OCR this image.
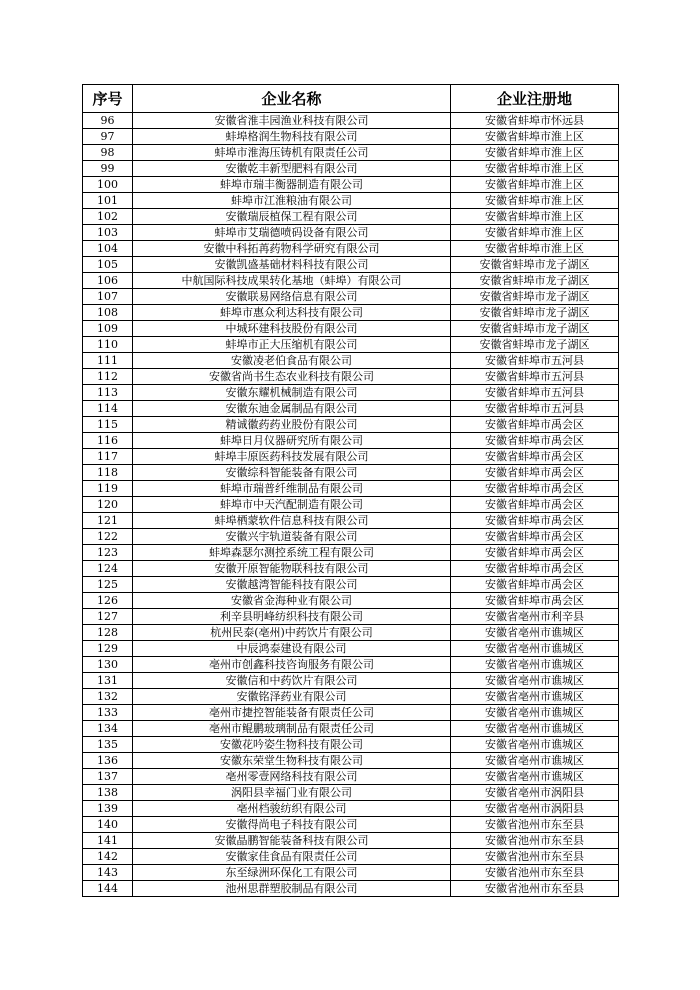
序号	企业名称	企业注册地
96	安徽省淮丰园渔业科技有限公司	安徽省蚌埠市怀远县
97	蚌埠格润生物科技有限公司	安徽省蚌埠市淮上区
98	蚌埠市淮海压铸机有限责任公司	安徽省蚌埠市淮上区
99	安徽乾丰新型肥料有限公司	安徽省蚌埠市淮上区
100	蚌埠市瑞丰衡器制造有限公司	安徽省蚌埠市淮上区
101	蚌埠市江淮粮油有限公司	安徽省蚌埠市淮上区
102	安徽瑞辰植保工程有限公司	安徽省蚌埠市淮上区
103	蚌埠市艾瑞德喷码设备有限公司	安徽省蚌埠市淮上区
104	安徽中科拓苒药物科学研究有限公司	安徽省蚌埠市淮上区
105	安徽凯盛基础材料科技有限公司	安徽省蚌埠市龙子湖区
106	中航国际科技成果转化基地（蚌埠）有限公司	安徽省蚌埠市龙子湖区
107	安徽联易网络信息有限公司	安徽省蚌埠市龙子湖区
108	蚌埠市惠众利达科技有限公司	安徽省蚌埠市龙子湖区
109	中城环建科技股份有限公司	安徽省蚌埠市龙子湖区
110	蚌埠市正大压缩机有限公司	安徽省蚌埠市龙子湖区
111	安徽凌老伯食品有限公司	安徽省蚌埠市五河县
112	安徽省尚书生态农业科技有限公司	安徽省蚌埠市五河县
113	安徽东耀机械制造有限公司	安徽省蚌埠市五河县
114	安徽东迪金属制品有限公司	安徽省蚌埠市五河县
115	精诚徽药药业股份有限公司	安徽省蚌埠市禹会区
116	蚌埠日月仪器研究所有限公司	安徽省蚌埠市禹会区
117	蚌埠丰原医药科技发展有限公司	安徽省蚌埠市禹会区
118	安徽综科智能装备有限公司	安徽省蚌埠市禹会区
119	蚌埠市瑞普纤维制品有限公司	安徽省蚌埠市禹会区
120	蚌埠市中天汽配制造有限公司	安徽省蚌埠市禹会区
121	蚌埠栖蒙软件信息科技有限公司	安徽省蚌埠市禹会区
122	安徽兴宇轨道装备有限公司	安徽省蚌埠市禹会区
123	蚌埠森瑟尔测控系统工程有限公司	安徽省蚌埠市禹会区
124	安徽开原智能物联科技有限公司	安徽省蚌埠市禹会区
125	安徽越湾智能科技有限公司	安徽省蚌埠市禹会区
126	安徽省金海种业有限公司	安徽省蚌埠市禹会区
127	利辛县明峰纺织科技有限公司	安徽省亳州市利辛县
128	杭州民泰(亳州)中药饮片有限公司	安徽省亳州市谯城区
129	中辰鸿泰建设有限公司	安徽省亳州市谯城区
130	亳州市创鑫科技咨询服务有限公司	安徽省亳州市谯城区
131	安徽信和中药饮片有限公司	安徽省亳州市谯城区
132	安徽铭泽药业有限公司	安徽省亳州市谯城区
133	亳州市捷控智能装备有限责任公司	安徽省亳州市谯城区
134	亳州市鲲鹏玻璃制品有限责任公司	安徽省亳州市谯城区
135	安徽花吟姿生物科技有限公司	安徽省亳州市谯城区
136	安徽东荣堂生物科技有限公司	安徽省亳州市谯城区
137	亳州零壹网络科技有限公司	安徽省亳州市谯城区
138	涡阳县幸福门业有限公司	安徽省亳州市涡阳县
139	亳州档骏纺织有限公司	安徽省亳州市涡阳县
140	安徽得尚电子科技有限公司	安徽省池州市东至县
141	安徽晶鹏智能装备科技有限公司	安徽省池州市东至县
142	安徽家佳食品有限责任公司	安徽省池州市东至县
143	东至绿洲环保化工有限公司	安徽省池州市东至县
144	池州思群塑胶制品有限公司	安徽省池州市东至县
